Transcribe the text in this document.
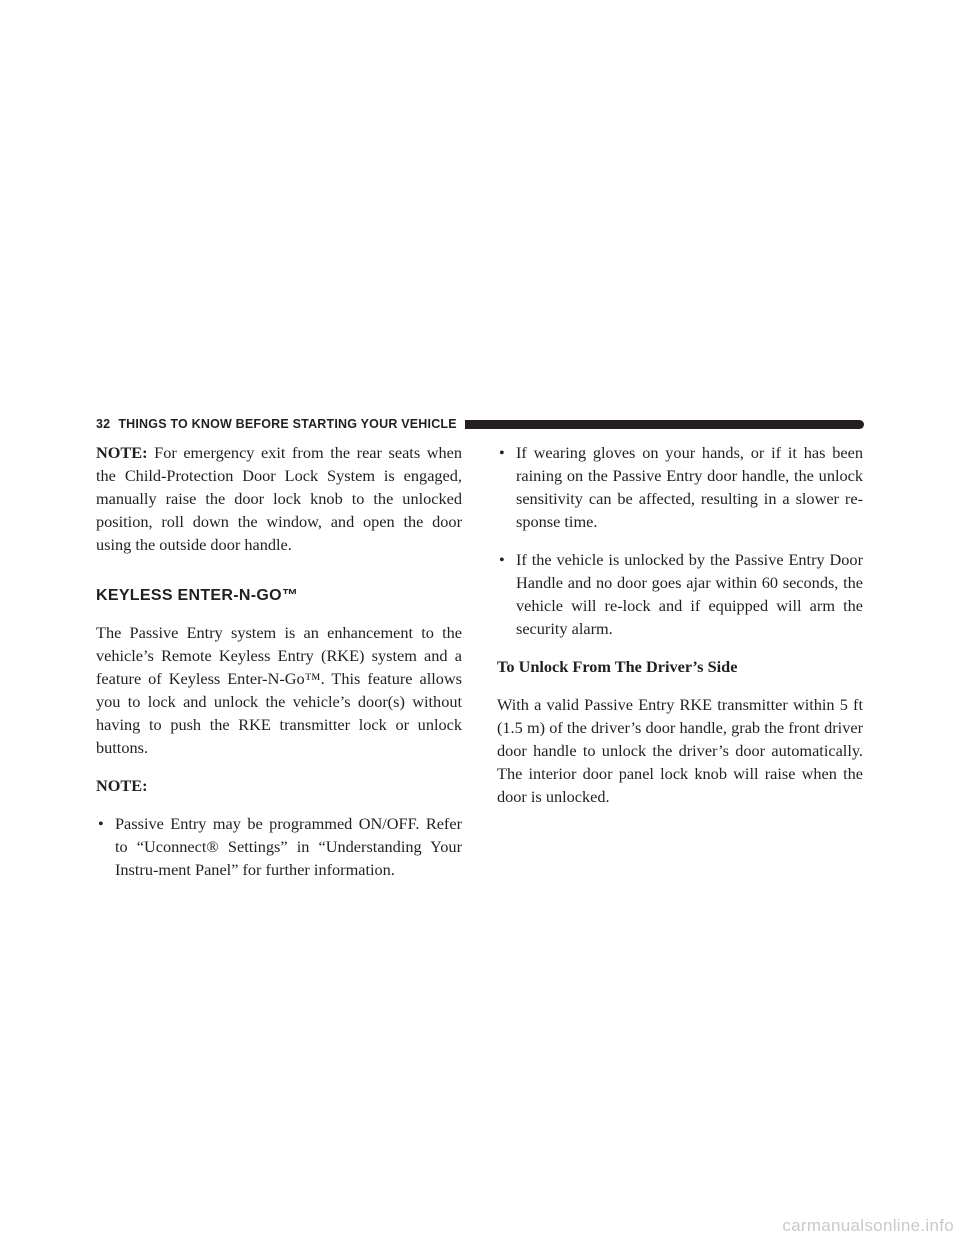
32 THINGS TO KNOW BEFORE STARTING YOUR VEHICLE

NOTE: For emergency exit from the rear seats when the Child-Protection Door Lock System is engaged, manually raise the door lock knob to the unlocked position, roll down the window, and open the door using the outside door handle.

KEYLESS ENTER-N-GO™

The Passive Entry system is an enhancement to the vehicle’s Remote Keyless Entry (RKE) system and a feature of Keyless Enter-N-Go™. This feature allows you to lock and unlock the vehicle’s door(s) without having to push the RKE transmitter lock or unlock buttons.

NOTE:

• Passive Entry may be programmed ON/OFF. Refer to “Uconnect® Settings” in “Understanding Your Instru-ment Panel” for further information.
• If wearing gloves on your hands, or if it has been raining on the Passive Entry door handle, the unlock sensitivity can be affected, resulting in a slower re-sponse time.
• If the vehicle is unlocked by the Passive Entry Door Handle and no door goes ajar within 60 seconds, the vehicle will re-lock and if equipped will arm the security alarm.

To Unlock From The Driver’s Side

With a valid Passive Entry RKE transmitter within 5 ft (1.5 m) of the driver’s door handle, grab the front driver door handle to unlock the driver’s door automatically. The interior door panel lock knob will raise when the door is unlocked.

carmanualsonline.info
